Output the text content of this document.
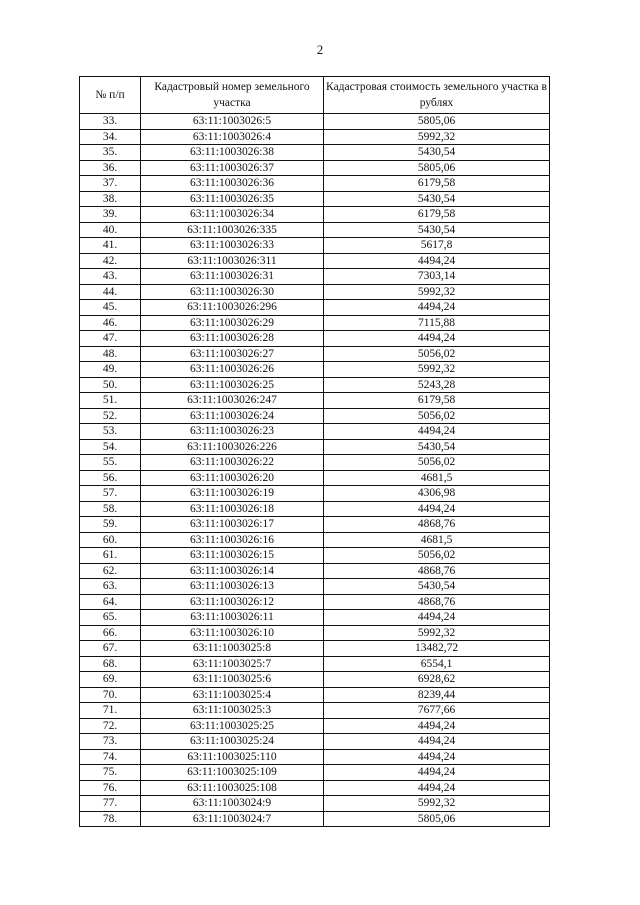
2
№ п/п	Кадастровый номер земельного участка	Кадастровая стоимость земельного участка в рублях
33.	63:11:1003026:5	5805,06
34.	63:11:1003026:4	5992,32
35.	63:11:1003026:38	5430,54
36.	63:11:1003026:37	5805,06
37.	63:11:1003026:36	6179,58
38.	63:11:1003026:35	5430,54
39.	63:11:1003026:34	6179,58
40.	63:11:1003026:335	5430,54
41.	63:11:1003026:33	5617,8
42.	63:11:1003026:311	4494,24
43.	63:11:1003026:31	7303,14
44.	63:11:1003026:30	5992,32
45.	63:11:1003026:296	4494,24
46.	63:11:1003026:29	7115,88
47.	63:11:1003026:28	4494,24
48.	63:11:1003026:27	5056,02
49.	63:11:1003026:26	5992,32
50.	63:11:1003026:25	5243,28
51.	63:11:1003026:247	6179,58
52.	63:11:1003026:24	5056,02
53.	63:11:1003026:23	4494,24
54.	63:11:1003026:226	5430,54
55.	63:11:1003026:22	5056,02
56.	63:11:1003026:20	4681,5
57.	63:11:1003026:19	4306,98
58.	63:11:1003026:18	4494,24
59.	63:11:1003026:17	4868,76
60.	63:11:1003026:16	4681,5
61.	63:11:1003026:15	5056,02
62.	63:11:1003026:14	4868,76
63.	63:11:1003026:13	5430,54
64.	63:11:1003026:12	4868,76
65.	63:11:1003026:11	4494,24
66.	63:11:1003026:10	5992,32
67.	63:11:1003025:8	13482,72
68.	63:11:1003025:7	6554,1
69.	63:11:1003025:6	6928,62
70.	63:11:1003025:4	8239,44
71.	63:11:1003025:3	7677,66
72.	63:11:1003025:25	4494,24
73.	63:11:1003025:24	4494,24
74.	63:11:1003025:110	4494,24
75.	63:11:1003025:109	4494,24
76.	63:11:1003025:108	4494,24
77.	63:11:1003024:9	5992,32
78.	63:11:1003024:7	5805,06
